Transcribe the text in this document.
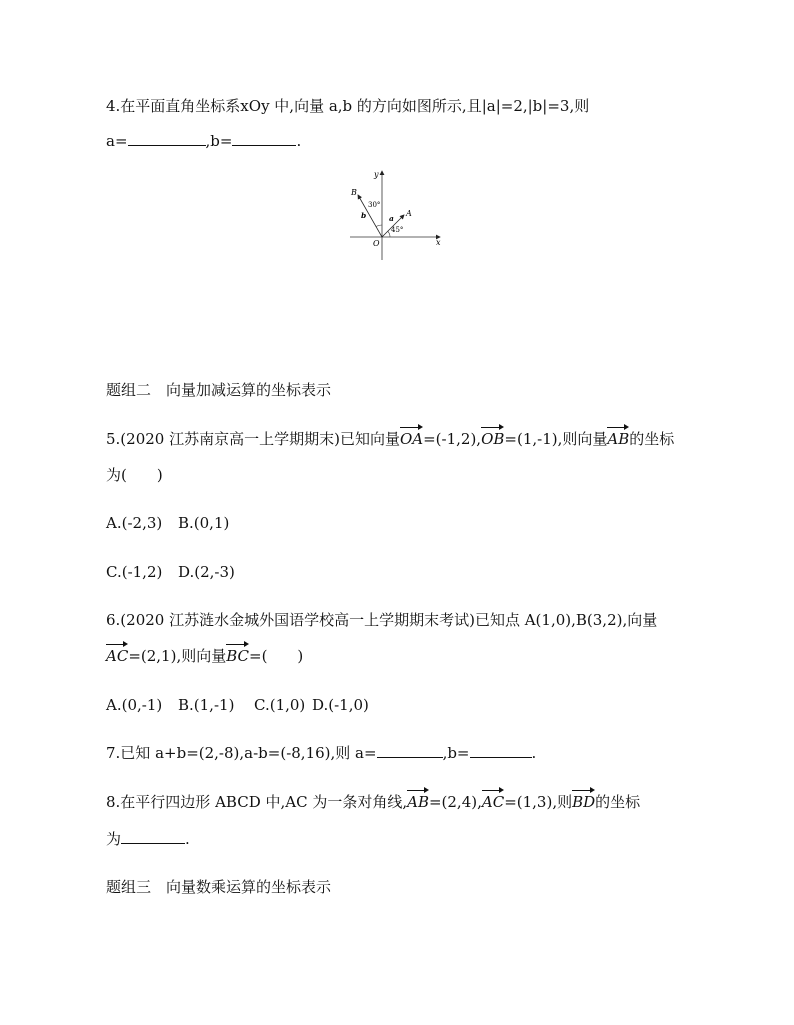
4.在平面直角坐标系xOy 中,向量 a,b 的方向如图所示,且|a|=2,|b|=3,则
a=	,b=	.
y
x
O
B
A
b	a
30°
45°
题组二　向量加减运算的坐标表示
5.(2020 江苏南京高一上学期期末)已知向量OA=(-1,2),OB=(1,-1),则向量AB的坐标
为(　　)
A.(-2,3) B.(0,1)
C.(-1,2) D.(2,-3)
6.(2020 江苏涟水金城外国语学校高一上学期期末考试)已知点 A(1,0),B(3,2),向量
AC=(2,1),则向量BC=(　　)
A.(0,-1) B.(1,-1) C.(1,0) D.(-1,0)
7.已知 a+b=(2,-8),a-b=(-8,16),则 a=	,b=	.
8.在平行四边形 ABCD 中,AC 为一条对角线,AB=(2,4),AC=(1,3),则BD的坐标
为	.
题组三　向量数乘运算的坐标表示
